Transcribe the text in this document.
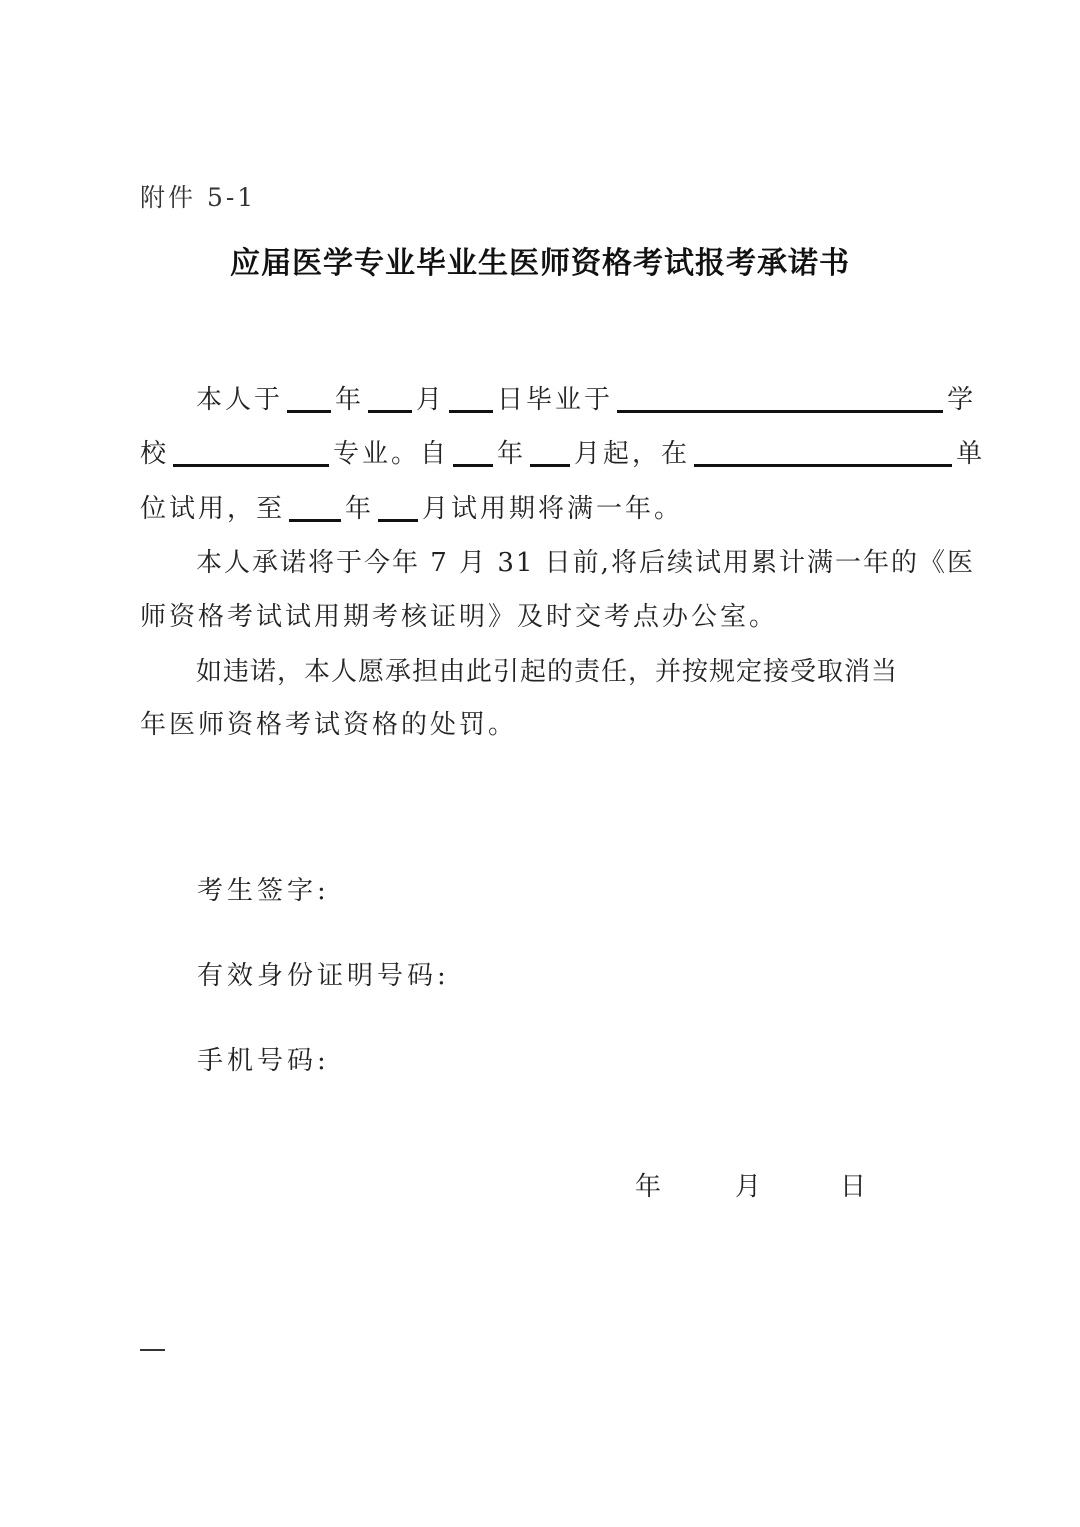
附件 5-1
应届医学专业毕业生医师资格考试报考承诺书
本人于 年 月 日毕业于	学
校	专业。自 年 月起，在	单
位试用，至 年 月试用期将满一年。
本人承诺将于今年 7 月 31 日前,将后续试用累计满一年的《医
师资格考试试用期考核证明》及时交考点办公室。
如违诺，本人愿承担由此引起的责任，并按规定接受取消当
年医师资格考试资格的处罚。
考生签字:
有效身份证明号码:
手机号码:
年	月	日
